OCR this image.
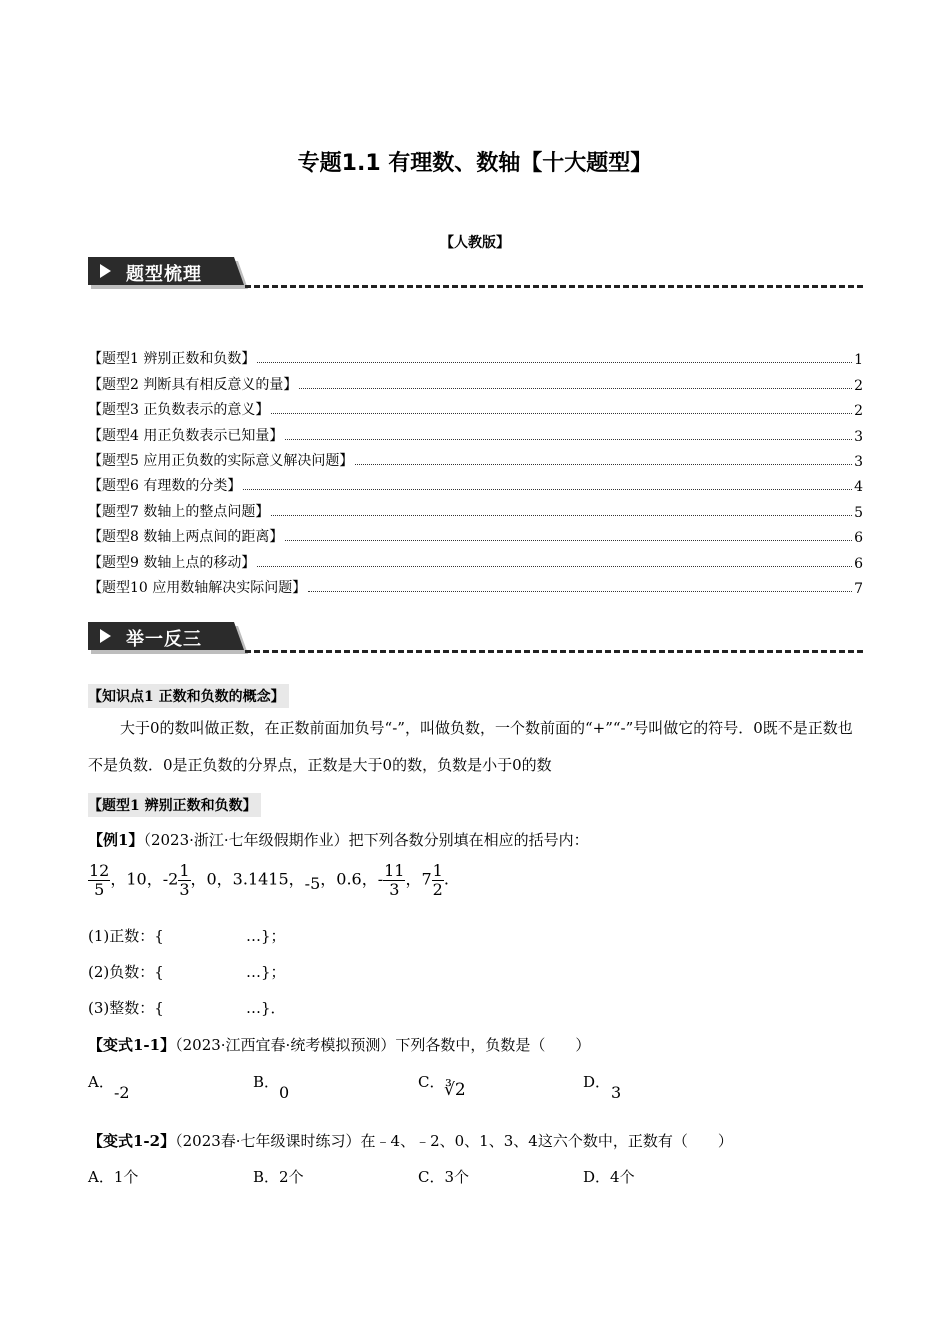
专题1.1 有理数、数轴【十大题型】
【人教版】
题型梳理
【题型1 辨别正数和负数】	1
【题型2 判断具有相反意义的量】	2
【题型3 正负数表示的意义】	2
【题型4 用正负数表示已知量】	3
【题型5 应用正负数的实际意义解决问题】	3
【题型6 有理数的分类】	4
【题型7 数轴上的整点问题】	5
【题型8 数轴上两点间的距离】	6
【题型9 数轴上点的移动】	6
【题型10 应用数轴解决实际问题】	7
举一反三
【知识点1 正数和负数的概念】
大于0的数叫做正数，在正数前面加负号“-”，叫做负数，一个数前面的“+”“-”号叫做它的符号．0既不是正数也不是负数．0是正负数的分界点，正数是大于0的数，负数是小于0的数
【题型1 辨别正数和负数】
【例1】（2023·浙江·七年级假期作业）把下列各数分别填在相应的括号内：
$\frac{12}{5}$ ，10，$-2 \frac{1}{3}$ ，0，3.1415，-5，0.6，- $\frac{11}{3}$ ，$7 \frac{1}{2}$ .
(1)正数：{	…}；
(2)负数：{	…}；
(3)整数：{	…}．
【变式1-1】（2023·江西宜春·统考模拟预测）下列各数中，负数是（　　）
A．
-2
B．
0
C． ∛2	D．
3
【变式1-2】（2023春·七年级课时练习）在﹣4、﹣2、0、1、3、4这六个数中，正数有（　　）
A．1个	B．2个	C．3个	D．4个
